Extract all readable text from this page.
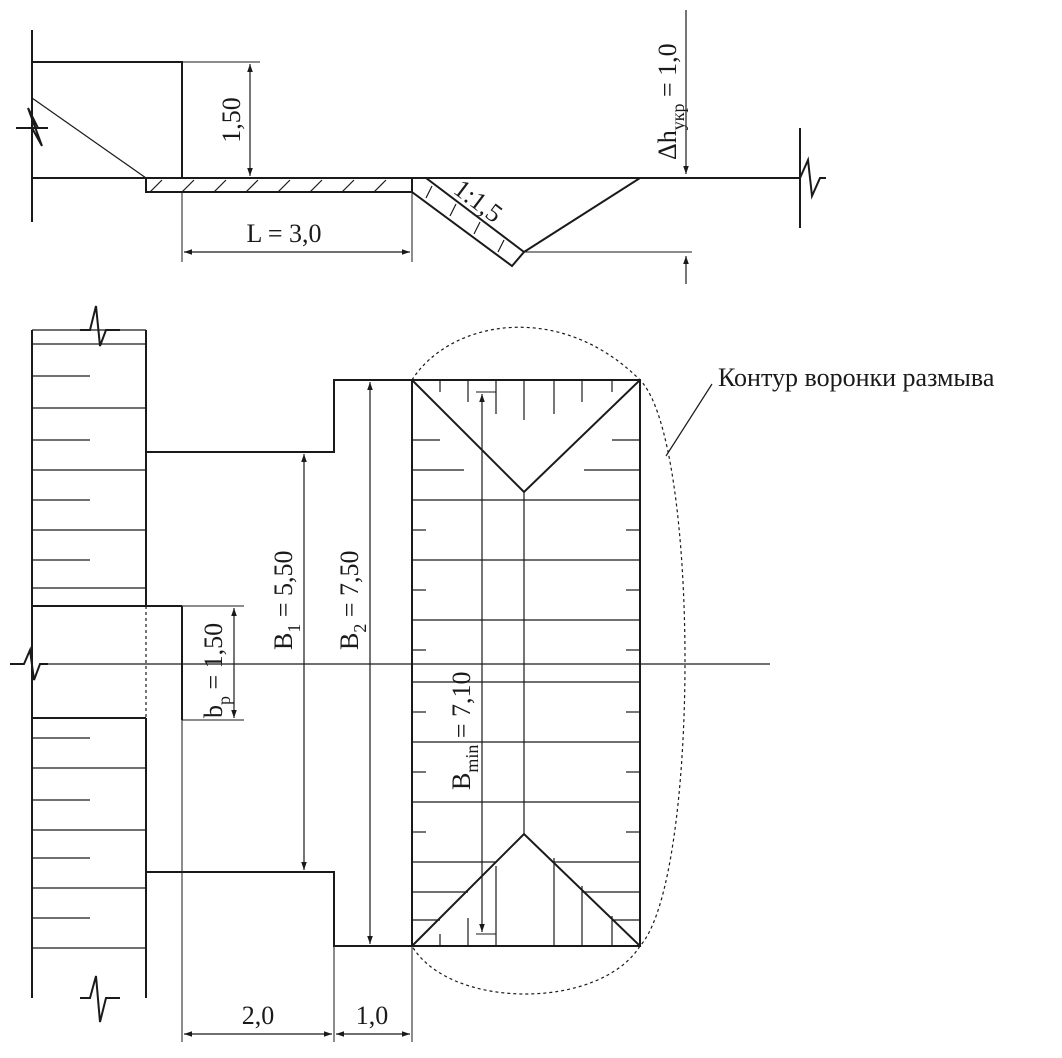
1:1,5
1,50
L = 3,0
$\Delta h_{укр} = 1,0$
Контур воронки размыва
$B_1 = 5,50$
$B_2 = 7,50$
$B_{min} = 7,10$
$b_р = 1,50$
2,0	1,0
